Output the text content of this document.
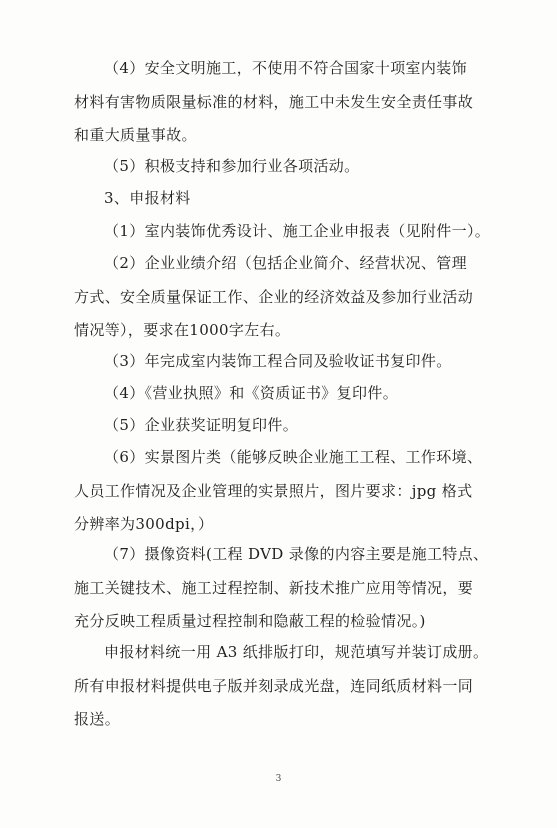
（4）安全文明施工，不使用不符合国家十项室内装饰
材料有害物质限量标准的材料，施工中未发生安全责任事故
和重大质量事故。
（5）积极支持和参加行业各项活动。
3、申报材料
（1）室内装饰优秀设计、施工企业申报表（见附件一）。
（2）企业业绩介绍（包括企业简介、经营状况、管理
方式、安全质量保证工作、企业的经济效益及参加行业活动
情况等），要求在1000字左右。
（3）年完成室内装饰工程合同及验收证书复印件。
（4）《营业执照》和《资质证书》复印件。
（5）企业获奖证明复印件。
（6）实景图片类（能够反映企业施工工程、工作环境、
人员工作情况及企业管理的实景照片，图片要求：jpg 格式
分辨率为300dpi，）
（7）摄像资料(工程 DVD 录像的内容主要是施工特点、
施工关键技术、施工过程控制、新技术推广应用等情况，要
充分反映工程质量过程控制和隐蔽工程的检验情况。)
申报材料统一用 A3 纸排版打印，规范填写并装订成册。
所有申报材料提供电子版并刻录成光盘，连同纸质材料一同
报送。
3
